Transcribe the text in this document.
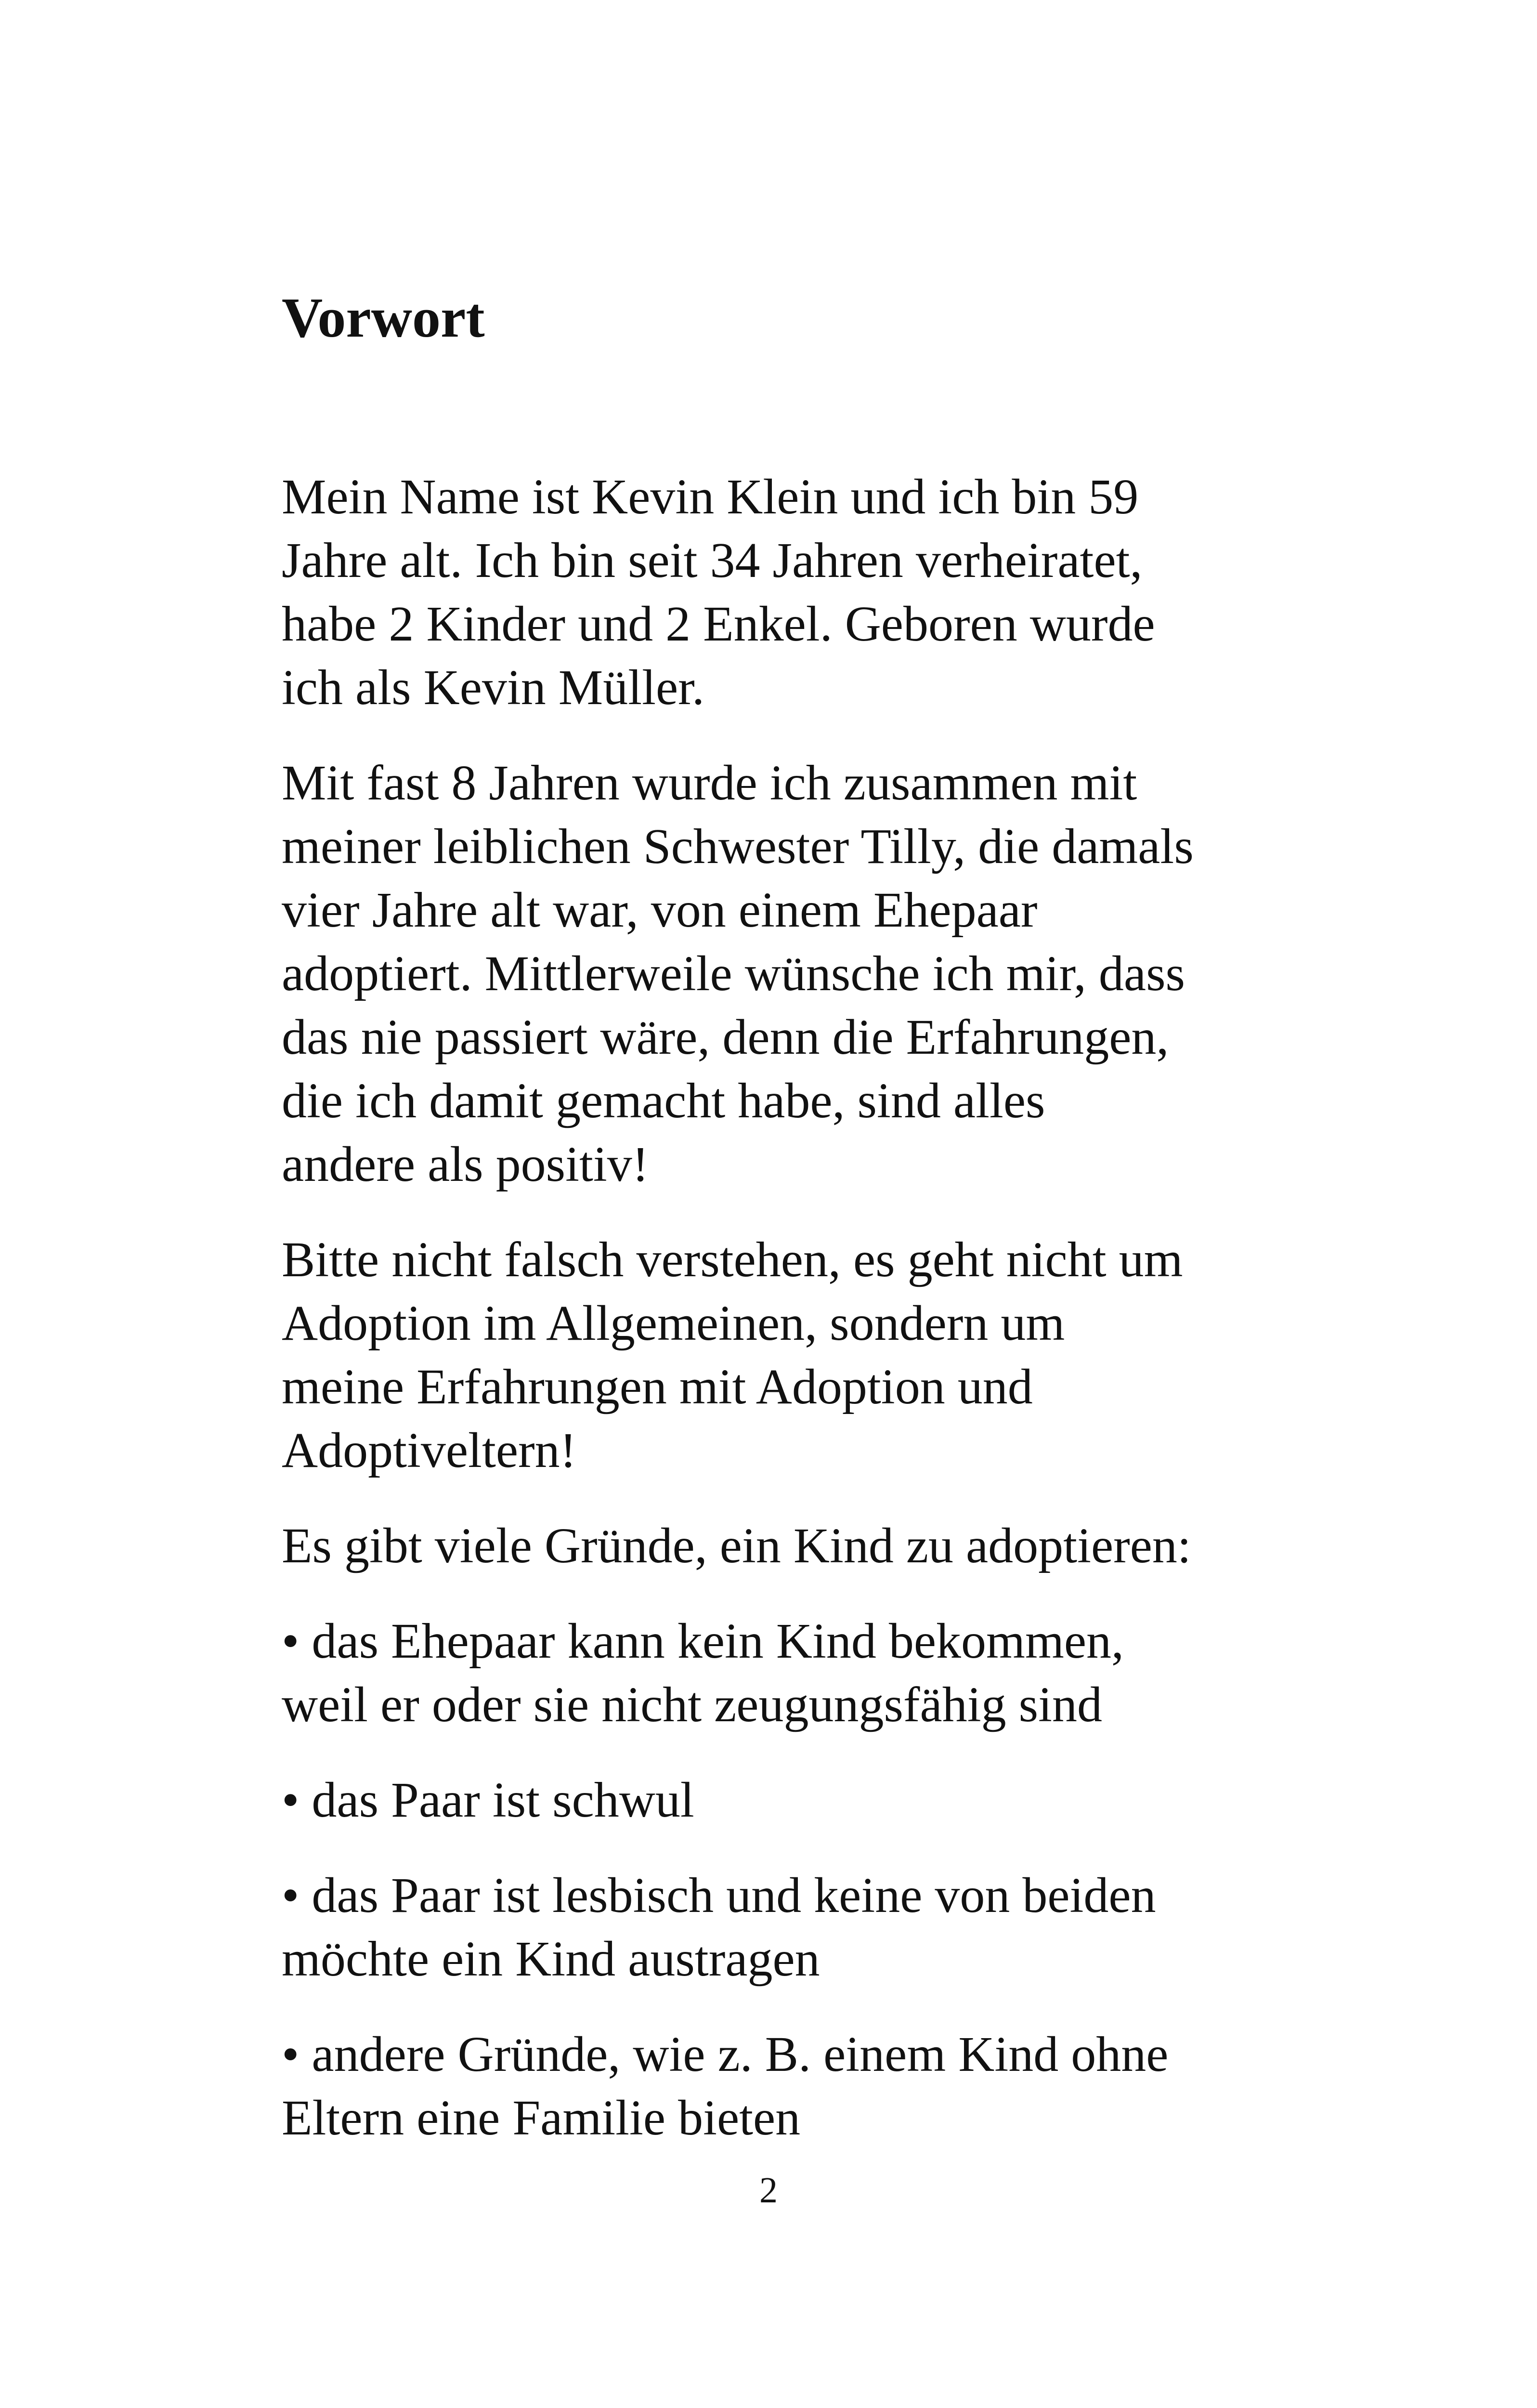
Vorwort

Mein Name ist Kevin Klein und ich bin 59
Jahre alt. Ich bin seit 34 Jahren verheiratet,
habe 2 Kinder und 2 Enkel. Geboren wurde
ich als Kevin Müller.

Mit fast 8 Jahren wurde ich zusammen mit
meiner leiblichen Schwester Tilly, die damals
vier Jahre alt war, von einem Ehepaar
adoptiert. Mittlerweile wünsche ich mir, dass
das nie passiert wäre, denn die Erfahrungen,
die ich damit gemacht habe, sind alles
andere als positiv!

Bitte nicht falsch verstehen, es geht nicht um
Adoption im Allgemeinen, sondern um
meine Erfahrungen mit Adoption und
Adoptiveltern!

Es gibt viele Gründe, ein Kind zu adoptieren:

• das Ehepaar kann kein Kind bekommen,
weil er oder sie nicht zeugungsfähig sind

• das Paar ist schwul

• das Paar ist lesbisch und keine von beiden
möchte ein Kind austragen

• andere Gründe, wie z. B. einem Kind ohne
Eltern eine Familie bieten

2
